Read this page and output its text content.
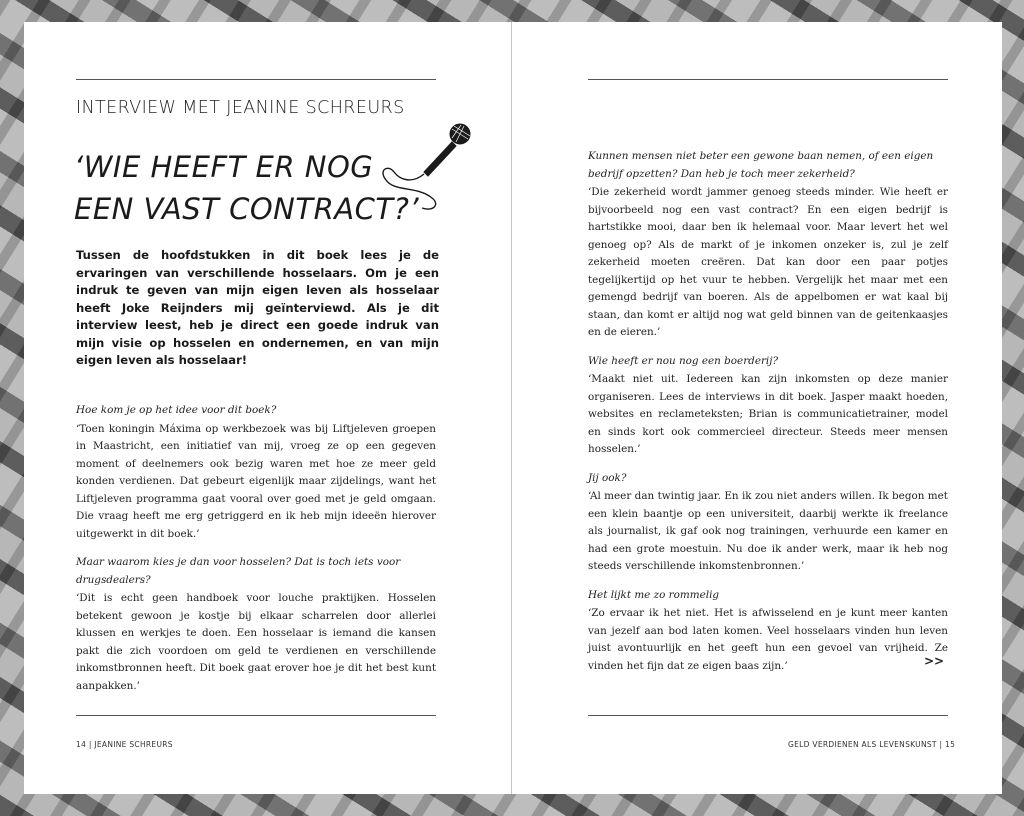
INTERVIEW MET JEANINE SCHREURS
‘WIE HEEFT ER NOG
EEN VAST CONTRACT?’
Tussen de hoofdstukken in dit boek lees je de ervaringen van verschillende hosselaars. Om je een indruk te geven van mijn eigen leven als hosselaar heeft Joke Reijnders mij geïnterviewd. Als je dit interview leest, heb je direct een goede indruk van mijn visie op hosselen en ondernemen, en van mijn eigen leven als hosselaar!
Hoe kom je op het idee voor dit boek?
‘Toen koningin Máxima op werkbezoek was bij Liftjeleven groepen in Maastricht, een initiatief van mij, vroeg ze op een gegeven moment of deelnemers ook bezig waren met hoe ze meer geld konden verdienen. Dat gebeurt eigenlijk maar zijdelings, want het Liftjeleven programma gaat vooral over goed met je geld omgaan. Die vraag heeft me erg getriggerd en ik heb mijn ideeën hierover uitgewerkt in dit boek.’
Maar waarom kies je dan voor hosselen? Dat is toch iets voor drugsdealers?
‘Dit is echt geen handboek voor louche praktijken. Hosselen betekent gewoon je kostje bij elkaar scharrelen door allerlei klussen en werkjes te doen. Een hosselaar is iemand die kansen pakt die zich voordoen om geld te verdienen en verschillende inkomstbronnen heeft. Dit boek gaat erover hoe je dit het best kunt aanpakken.’
14 | JEANINE SCHREURS
Kunnen mensen niet beter een gewone baan nemen, of een eigen bedrijf opzetten? Dan heb je toch meer zekerheid?
‘Die zekerheid wordt jammer genoeg steeds minder. Wie heeft er bijvoorbeeld nog een vast contract? En een eigen bedrijf is hartstikke mooi, daar ben ik helemaal voor. Maar levert het wel genoeg op? Als de markt of je inkomen onzeker is, zul je zelf zekerheid moeten creëren. Dat kan door een paar potjes tegelijkertijd op het vuur te hebben. Vergelijk het maar met een gemengd bedrijf van boeren. Als de appelbomen er wat kaal bij staan, dan komt er altijd nog wat geld binnen van de geitenkaasjes en de eieren.’
Wie heeft er nou nog een boerderij?
‘Maakt niet uit. Iedereen kan zijn inkomsten op deze manier organiseren. Lees de interviews in dit boek. Jasper maakt hoeden, websites en reclameteksten; Brian is communicatietrainer, model en sinds kort ook commercieel directeur. Steeds meer mensen hosselen.’
Jij ook?
‘Al meer dan twintig jaar. En ik zou niet anders willen. Ik begon met een klein baantje op een universiteit, daarbij werkte ik freelance als journalist, ik gaf ook nog trainingen, verhuurde een kamer en had een grote moestuin. Nu doe ik ander werk, maar ik heb nog steeds verschillende inkomstenbronnen.’
Het lijkt me zo rommelig
‘Zo ervaar ik het niet. Het is afwisselend en je kunt meer kanten van jezelf aan bod laten komen. Veel hosselaars vinden hun leven juist avontuurlijk en het geeft hun een gevoel van vrijheid. Ze vinden het fijn dat ze eigen baas zijn.’	>>
GELD VERDIENEN ALS LEVENSKUNST | 15
